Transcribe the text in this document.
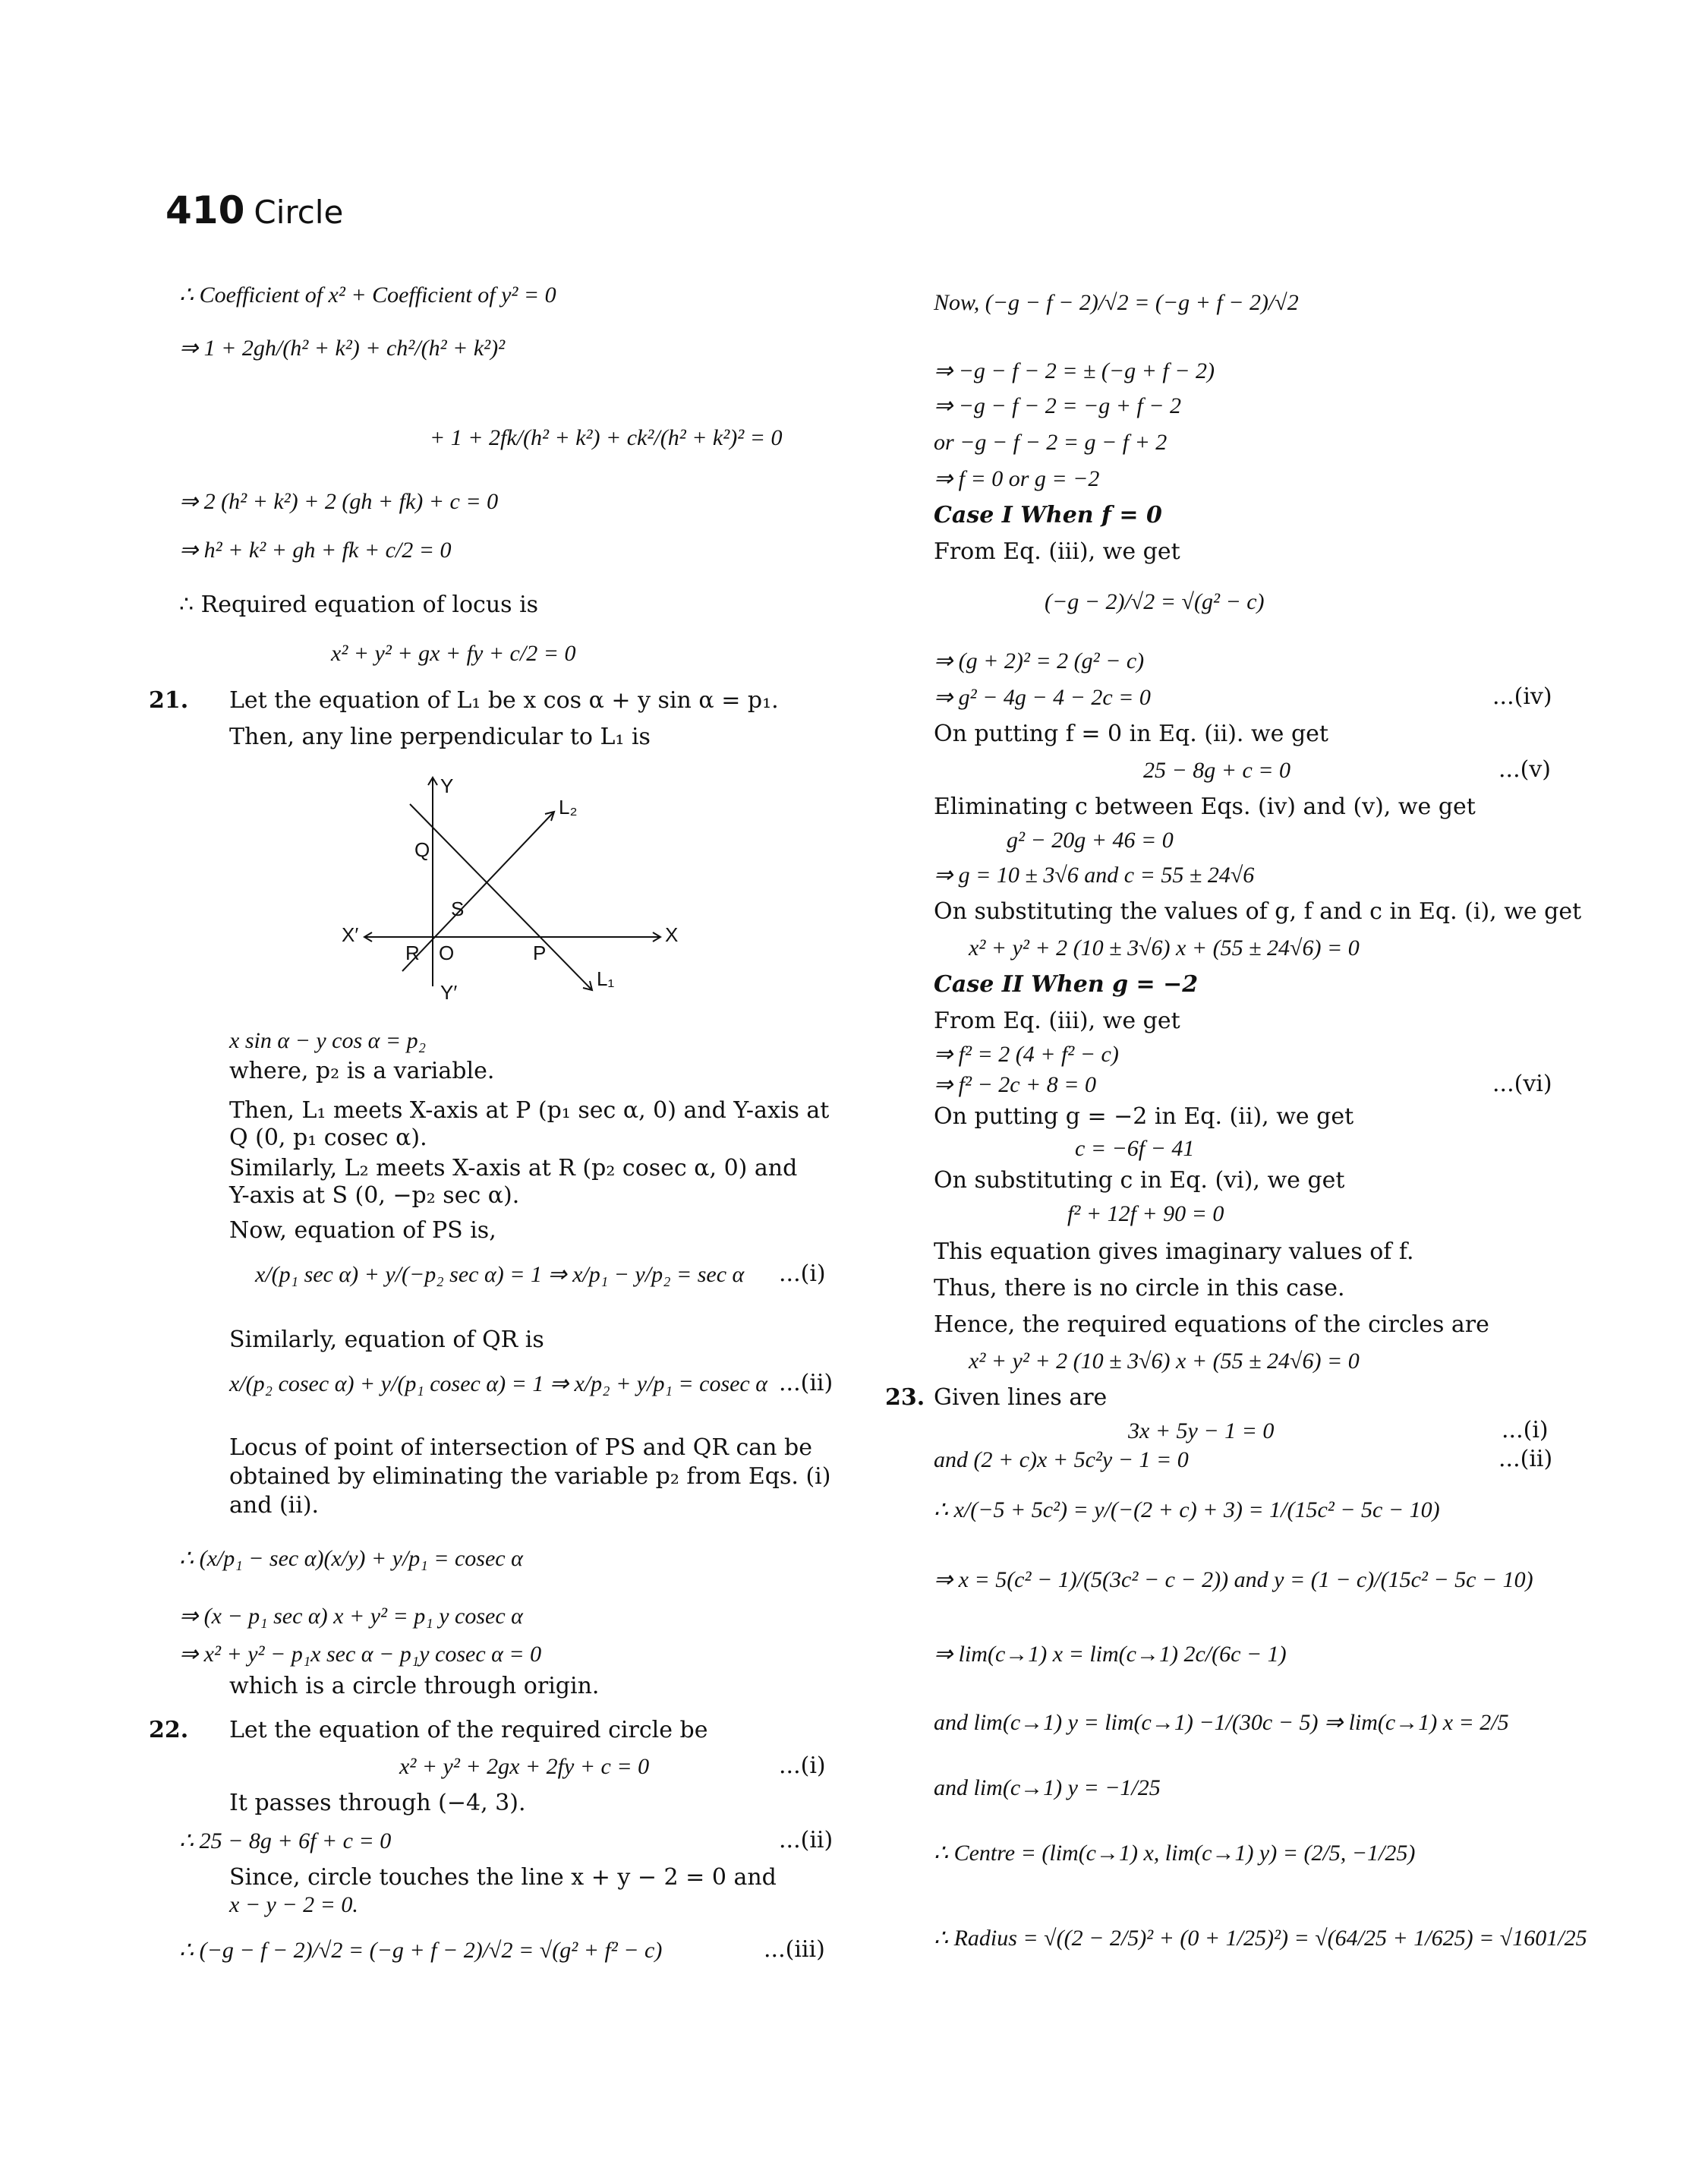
410 Circle
∴ Coefficient of x² + Coefficient of y² = 0
⇒ 1 + 2gh/(h² + k²) + ch²/(h² + k²)²
+ 1 + 2fk/(h² + k²) + ck²/(h² + k²)² = 0
⇒ 2 (h² + k²) + 2 (gh + fk) + c = 0
⇒ h² + k² + gh + fk + c/2 = 0
∴ Required equation of locus is
x² + y² + gx + fy + c/2 = 0
21. Let the equation of L₁ be x cos α + y sin α = p₁.
Then, any line perpendicular to L₁ is
Y
Y′
X′	X
L₂
L₁
Q
S
R O	P
x sin α − y cos α = p₂
where, p₂ is a variable.
Then, L₁ meets X-axis at P (p₁ sec α, 0) and Y-axis at
Q (0, p₁ cosec α).
Similarly, L₂ meets X-axis at R (p₂ cosec α, 0) and
Y-axis at S (0, −p₂ sec α).
Now, equation of PS is,
x/(p₁ sec α) + y/(−p₂ sec α) = 1 ⇒ x/p₁ − y/p₂ = sec α ...(i)
Similarly, equation of QR is
x/(p₂ cosec α) + y/(p₁ cosec α) = 1 ⇒ x/p₂ + y/p₁ = cosec α ...(ii)
Locus of point of intersection of PS and QR can be
obtained by eliminating the variable p₂ from Eqs. (i)
and (ii).
∴ (x/p₁ − sec α)(x/y) + y/p₁ = cosec α
⇒ (x − p₁ sec α) x + y² = p₁ y cosec α
⇒ x² + y² − p₁x sec α − p₁y cosec α = 0
which is a circle through origin.
22. Let the equation of the required circle be
x² + y² + 2gx + 2fy + c = 0	...(i)
It passes through (−4, 3).
∴ 25 − 8g + 6f + c = 0	...(ii)
Since, circle touches the line x + y − 2 = 0 and
x − y − 2 = 0.
∴ (−g − f − 2)/√2 = (−g + f − 2)/√2 = √(g² + f² − c)	...(iii)
Now, (−g − f − 2)/√2 = (−g + f − 2)/√2
⇒ −g − f − 2 = ± (−g + f − 2)
⇒ −g − f − 2 = −g + f − 2
or −g − f − 2 = g − f + 2
⇒ f = 0 or g = −2
Case I When f = 0
From Eq. (iii), we get
(−g − 2)/√2 = √(g² − c)
⇒ (g + 2)² = 2 (g² − c)
⇒ g² − 4g − 4 − 2c = 0	...(iv)
On putting f = 0 in Eq. (ii). we get
25 − 8g + c = 0	...(v)
Eliminating c between Eqs. (iv) and (v), we get
g² − 20g + 46 = 0
⇒ g = 10 ± 3√6 and c = 55 ± 24√6
On substituting the values of g, f and c in Eq. (i), we get
x² + y² + 2 (10 ± 3√6) x + (55 ± 24√6) = 0
Case II When g = −2
From Eq. (iii), we get
⇒ f² = 2 (4 + f² − c)
⇒ f² − 2c + 8 = 0	...(vi)
On putting g = −2 in Eq. (ii), we get
c = −6f − 41
On substituting c in Eq. (vi), we get
f² + 12f + 90 = 0
This equation gives imaginary values of f.
Thus, there is no circle in this case.
Hence, the required equations of the circles are
x² + y² + 2 (10 ± 3√6) x + (55 ± 24√6) = 0
23. Given lines are
3x + 5y − 1 = 0	...(i)
and (2 + c)x + 5c²y − 1 = 0	...(ii)
∴ x/(−5 + 5c²) = y/(−(2 + c) + 3) = 1/(15c² − 5c − 10)
⇒ x = 5(c² − 1)/(5(3c² − c − 2)) and y = (1 − c)/(15c² − 5c − 10)
⇒ lim(c→1) x = lim(c→1) 2c/(6c − 1)
and lim(c→1) y = lim(c→1) −1/(30c − 5) ⇒ lim(c→1) x = 2/5
and lim(c→1) y = −1/25
∴ Centre = (lim(c→1) x, lim(c→1) y) = (2/5, −1/25)
∴ Radius = √((2 − 2/5)² + (0 + 1/25)²) = √(64/25 + 1/625) = √1601/25
